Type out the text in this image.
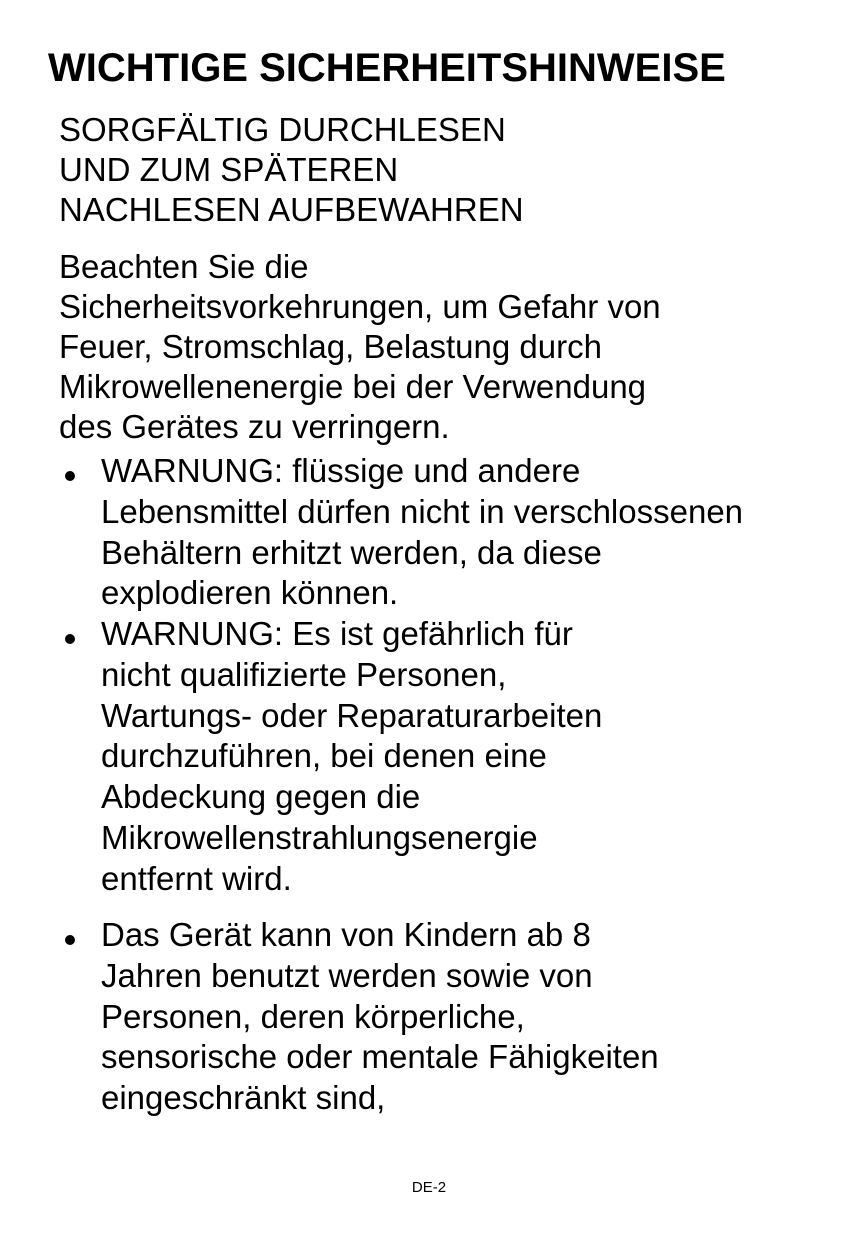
WICHTIGE SICHERHEITSHINWEISE
SORGFÄLTIG DURCHLESEN
UND ZUM SPÄTEREN
NACHLESEN AUFBEWAHREN
Beachten Sie die
Sicherheitsvorkehrungen, um Gefahr von
Feuer, Stromschlag, Belastung durch
Mikrowellenenergie bei der Verwendung
des Gerätes zu verringern.
WARNUNG: flüssige und andere
Lebensmittel dürfen nicht in verschlossenen
Behältern erhitzt werden, da diese
explodieren können.
WARNUNG: Es ist gefährlich für
nicht qualifizierte Personen,
Wartungs- oder Reparaturarbeiten
durchzuführen, bei denen eine
Abdeckung gegen die
Mikrowellenstrahlungsenergie
entfernt wird.
Das Gerät kann von Kindern ab 8
Jahren benutzt werden sowie von
Personen, deren körperliche,
sensorische oder mentale Fähigkeiten
eingeschränkt sind,
DE-2
